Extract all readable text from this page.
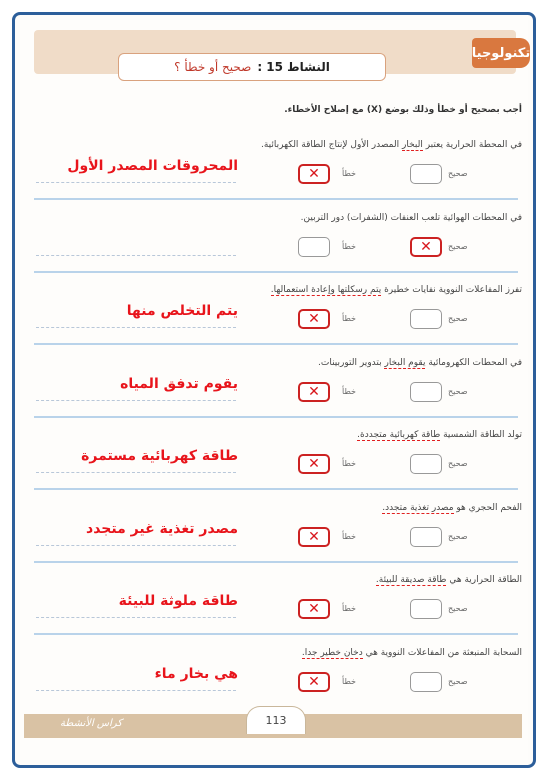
تكنولوجيا
النشاط 15 :
صحيح أو خطأ ؟
أجب بصحيح أو خطأ وذلك بوضع (X) مع إصلاح الأخطاء.
في المحطة الحرارية يعتبر البخار المصدر الأول لإنتاج الطاقة الكهربائية.
صحيح
خطأ
✕
المحروقات المصدر الأول
في المحطات الهوائية تلعب العنفات (الشفرات) دور التربين.
صحيح
✕
خطأ
تفرز المفاعلات النووية نفايات خطيرة يتم رسكلتها وإعادة استعمالها.
صحيح
خطأ
✕
يتم التخلص منها
في المحطات الكهرومائية يقوم البخار بتدوير التوربينات.
صحيح
خطأ
✕
يقوم تدفق المياه
تولد الطاقة الشمسية طاقة كهربائية متجددة.
صحيح
خطأ
✕
طاقة كهربائية مستمرة
الفحم الحجري هو مصدر تغذية متجدد.
صحيح
خطأ
✕
مصدر تغذية غير متجدد
الطاقة الحرارية هي طاقة صديقة للبيئة.
صحيح
خطأ
✕
طاقة ملوثة للبيئة
السحابة المنبعثة من المفاعلات النووية هي دخان خطير جدا.
صحيح
خطأ
✕
هي بخار ماء
كراس الأنشطة	113
